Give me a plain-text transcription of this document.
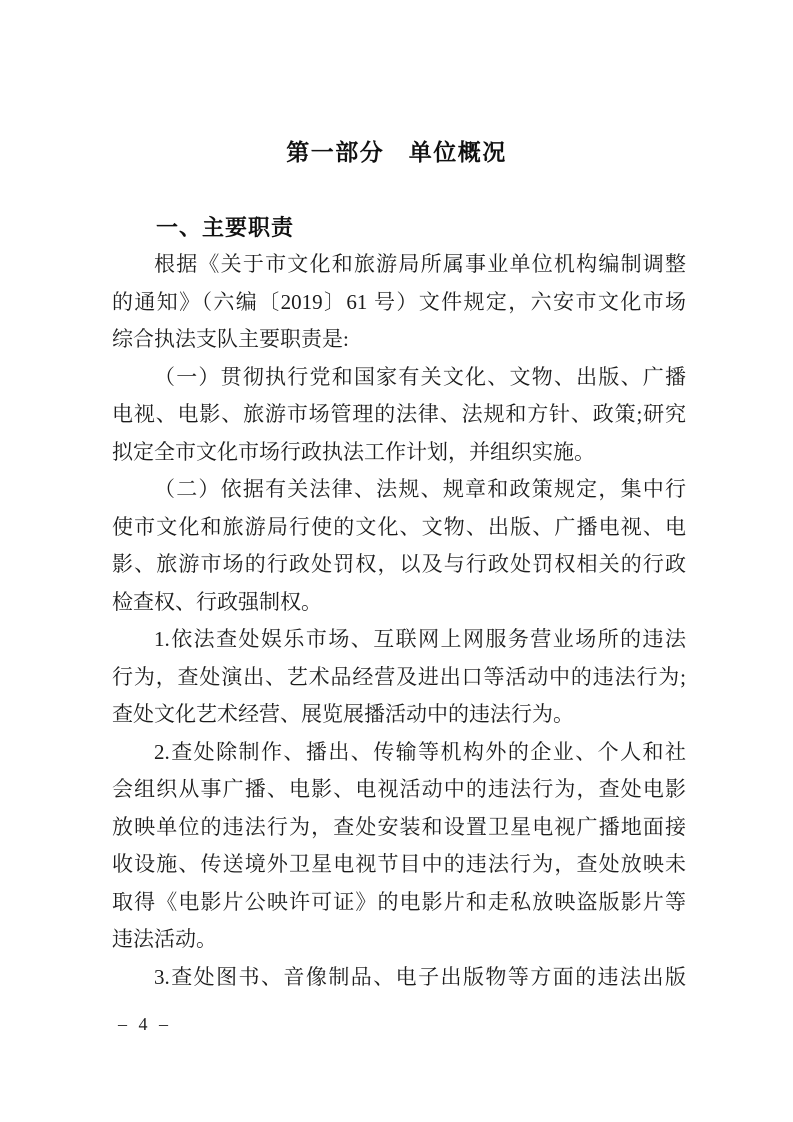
第一部分　单位概况
一、主要职责
根据《关于市文化和旅游局所属事业单位机构编制调整
的通知》（六编〔2019〕61 号）文件规定，六安市文化市场
综合执法支队主要职责是:
（一）贯彻执行党和国家有关文化、文物、出版、广播
电视、电影、旅游市场管理的法律、法规和方针、政策;研究
拟定全市文化市场行政执法工作计划，并组织实施。
（二）依据有关法律、法规、规章和政策规定，集中行
使市文化和旅游局行使的文化、文物、出版、广播电视、电
影、旅游市场的行政处罚权，以及与行政处罚权相关的行政
检查权、行政强制权。
1.依法查处娱乐市场、互联网上网服务营业场所的违法
行为，查处演出、艺术品经营及进出口等活动中的违法行为;
查处文化艺术经营、展览展播活动中的违法行为。
2.查处除制作、播出、传输等机构外的企业、个人和社
会组织从事广播、电影、电视活动中的违法行为，查处电影
放映单位的违法行为，查处安装和设置卫星电视广播地面接
收设施、传送境外卫星电视节目中的违法行为，查处放映未
取得《电影片公映许可证》的电影片和走私放映盗版影片等
违法活动。
3.查处图书、音像制品、电子出版物等方面的违法出版
– 4 –
